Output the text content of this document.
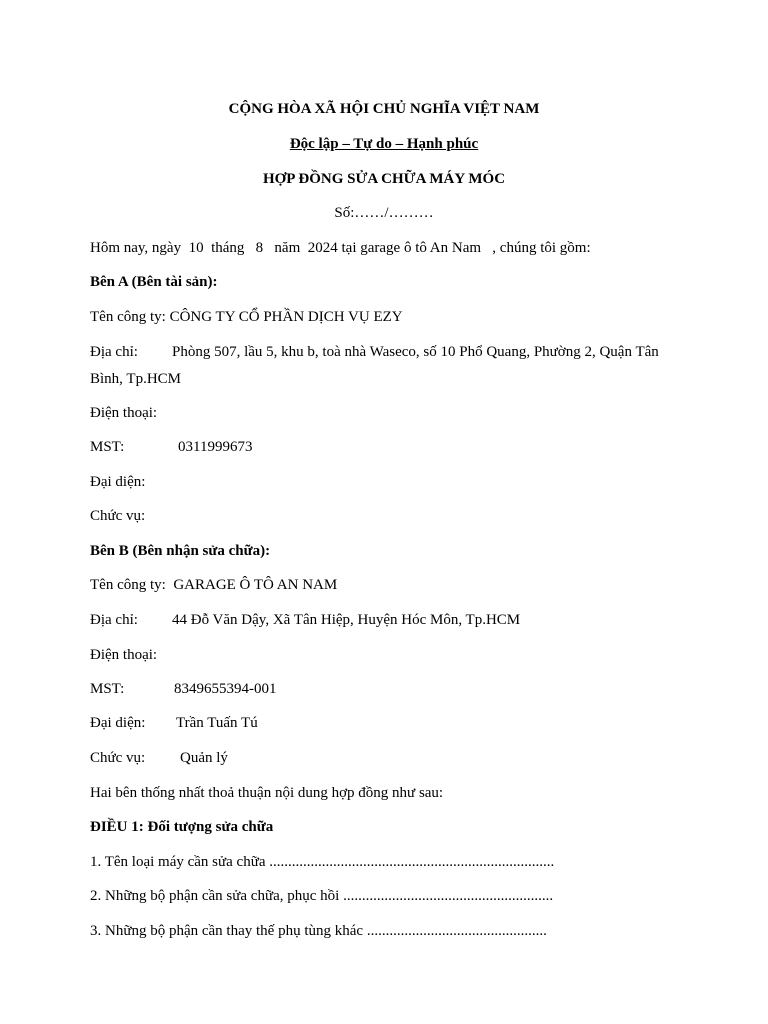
CỘNG HÒA XÃ HỘI CHỦ NGHĨA VIỆT NAM
Độc lập – Tự do – Hạnh phúc
HỢP ĐỒNG SỬA CHỮA MÁY MÓC
Số:……/………
Hôm nay, ngày  10  tháng   8   năm  2024 tại garage ô tô An Nam   , chúng tôi gồm:
Bên A (Bên tài sản):
Tên công ty: CÔNG TY CỔ PHẦN DỊCH VỤ EZY
Địa chỉ: Phòng 507, lầu 5, khu b, toà nhà Waseco, số 10 Phổ Quang, Phường 2, Quận Tân
Bình, Tp.HCM
Điện thoại:
MST:	0311999673
Đại diện:
Chức vụ:
Bên B (Bên nhận sửa chữa):
Tên công ty:  GARAGE Ô TÔ AN NAM
Địa chỉ: 44 Đỗ Văn Dậy, Xã Tân Hiệp, Huyện Hóc Môn, Tp.HCM
Điện thoại:
MST:	8349655394-001
Đại diện: Trần Tuấn Tú
Chức vụ: Quản lý
Hai bên thống nhất thoả thuận nội dung hợp đồng như sau:
ĐIỀU 1: Đối tượng sửa chữa
1. Tên loại máy cần sửa chữa ............................................................................
2. Những bộ phận cần sửa chữa, phục hồi ........................................................
3. Những bộ phận cần thay thế phụ tùng khác ................................................
